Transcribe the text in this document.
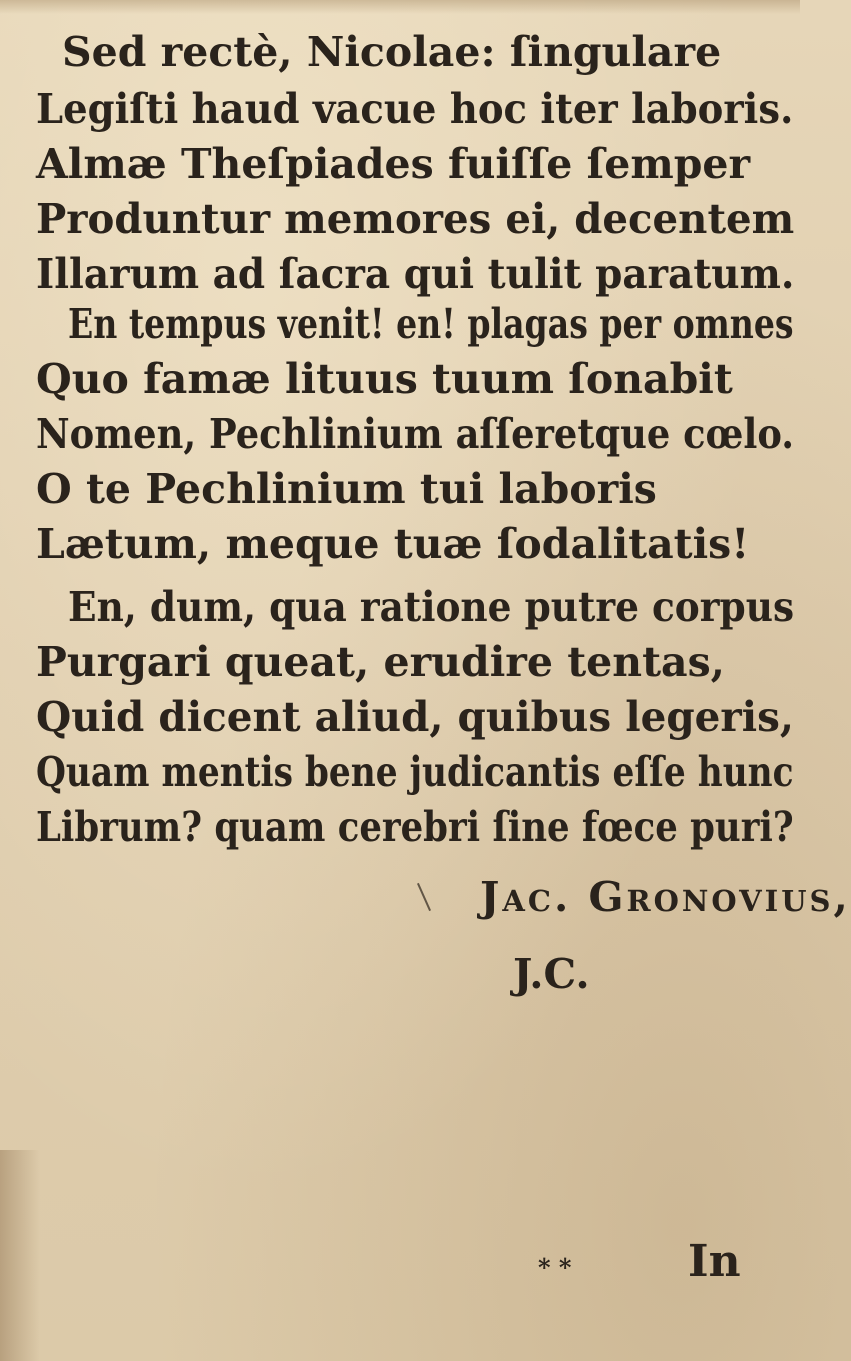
Sed rectè, Nicolae: ſingulare
Legiſti haud vacue hoc iter laboris.
Almæ Theſpiades fuiſſe ſemper
Produntur memores ei, decentem
Illarum ad ſacra qui tulit paratum.
En tempus venit! en! plagas per omnes
Quo famæ lituus tuum ſonabit
Nomen, Pechlinium aſſeretque cœlo.
O te Pechlinium tui laboris
Lætum, meque tuæ ſodalitatis!
En, dum, qua ratione putre corpus
Purgari queat, erudire tentas,
Quid dicent aliud, quibus legeris,
Quam mentis bene judicantis eſſe hunc
Librum? quam cerebri ſine fœce puri?
Jac. Gronovius,
J.C.
* *	In
